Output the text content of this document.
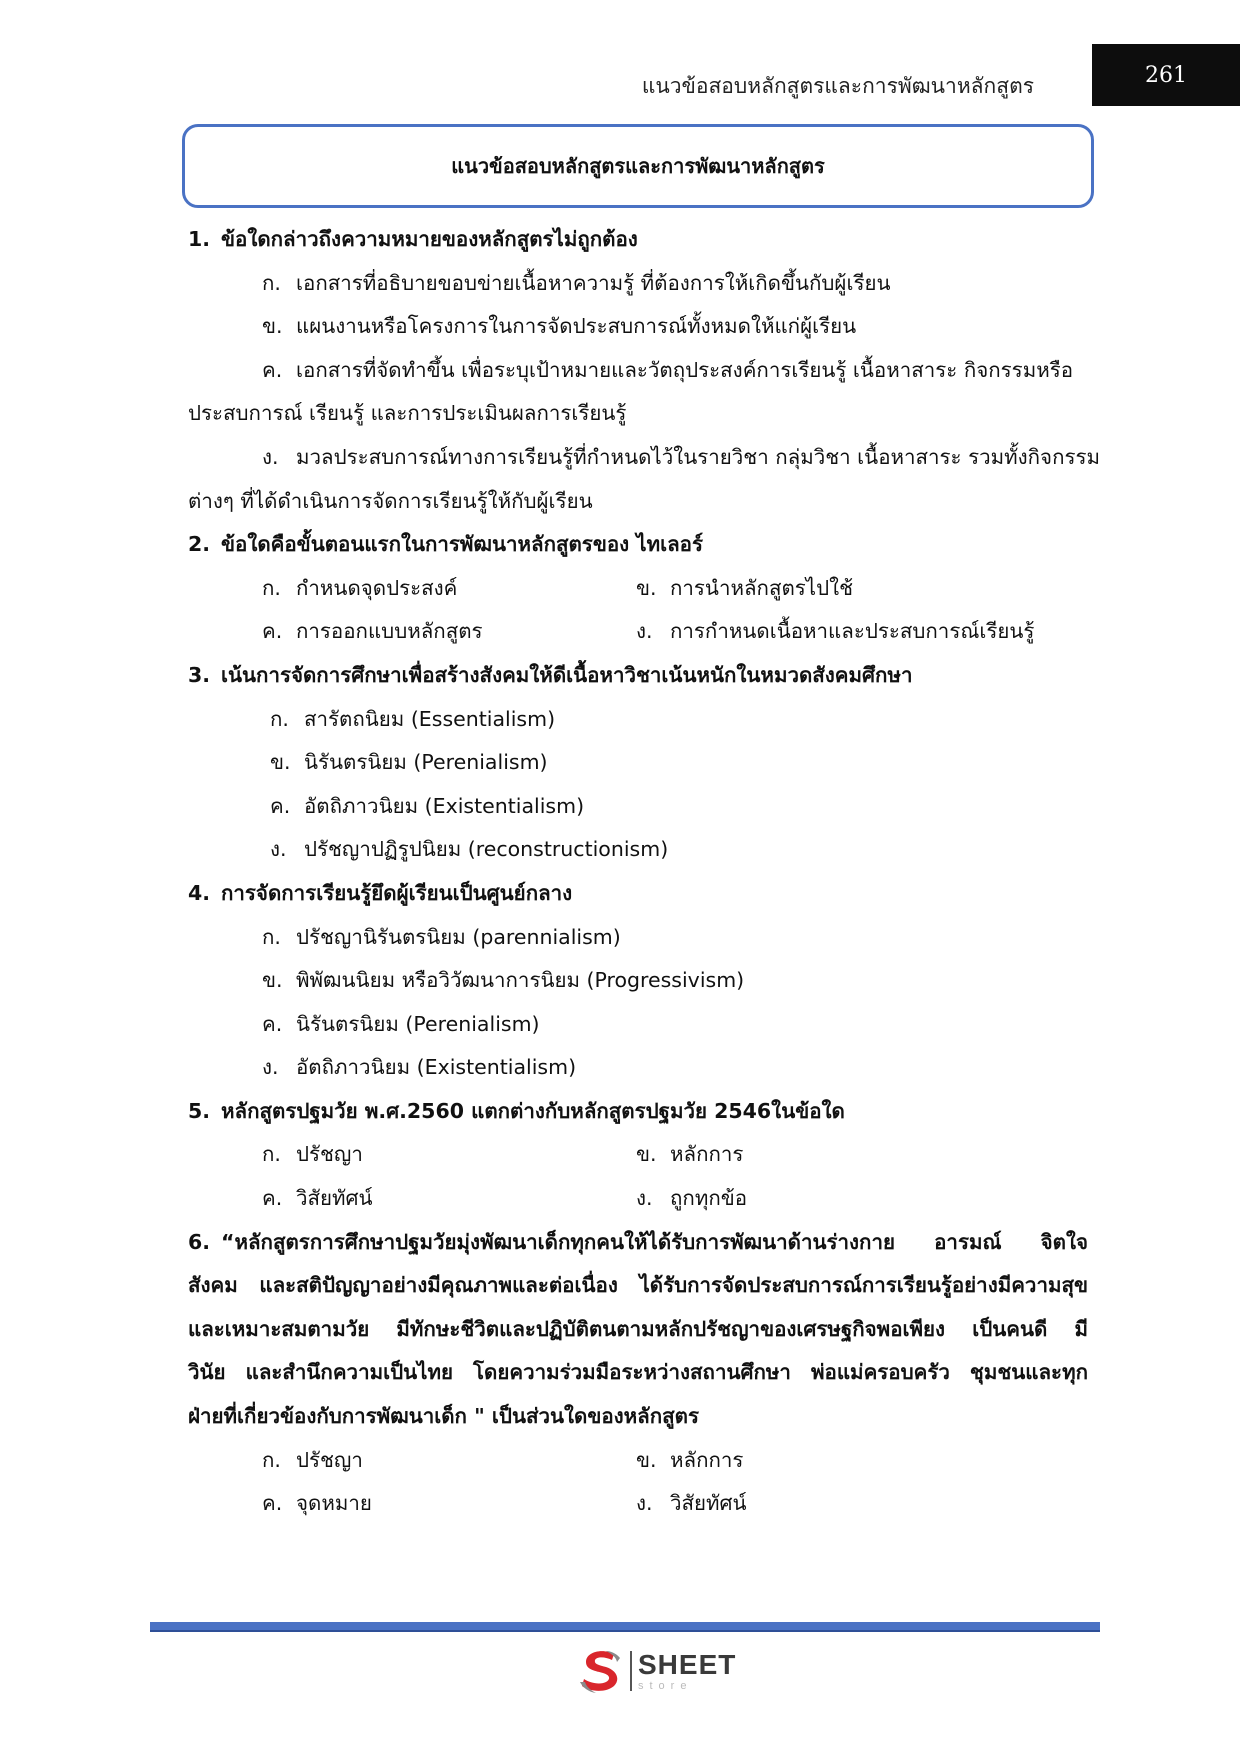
แนวข้อสอบหลักสูตรและการพัฒนาหลักสูตร	261
แนวข้อสอบหลักสูตรและการพัฒนาหลักสูตร
1. ข้อใดกล่าวถึงความหมายของหลักสูตรไม่ถูกต้อง
ก. เอกสารที่อธิบายขอบข่ายเนื้อหาความรู้ ที่ต้องการให้เกิดขึ้นกับผู้เรียน
ข. แผนงานหรือโครงการในการจัดประสบการณ์ทั้งหมดให้แก่ผู้เรียน
ค. เอกสารที่จัดทำขึ้น เพื่อระบุเป้าหมายและวัตถุประสงค์การเรียนรู้ เนื้อหาสาระ กิจกรรมหรือ
ประสบการณ์ เรียนรู้ และการประเมินผลการเรียนรู้
ง. มวลประสบการณ์ทางการเรียนรู้ที่กำหนดไว้ในรายวิชา กลุ่มวิชา เนื้อหาสาระ รวมทั้งกิจกรรม
ต่างๆ ที่ได้ดำเนินการจัดการเรียนรู้ให้กับผู้เรียน
2. ข้อใดคือขั้นตอนแรกในการพัฒนาหลักสูตรของ ไทเลอร์
ก. กำหนดจุดประสงค์	ข. การนำหลักสูตรไปใช้
ค. การออกแบบหลักสูตร	ง. การกำหนดเนื้อหาและประสบการณ์เรียนรู้
3. เน้นการจัดการศึกษาเพื่อสร้างสังคมให้ดีเนื้อหาวิชาเน้นหนักในหมวดสังคมศึกษา
ก. สารัตถนิยม (Essentialism)
ข. นิรันตรนิยม (Perenialism)
ค. อัตถิภาวนิยม (Existentialism)
ง. ปรัชญาปฏิรูปนิยม (reconstructionism)
4. การจัดการเรียนรู้ยึดผู้เรียนเป็นศูนย์กลาง
ก. ปรัชญานิรันตรนิยม (parennialism)
ข. พิพัฒนนิยม หรือวิวัฒนาการนิยม (Progressivism)
ค. นิรันตรนิยม (Perenialism)
ง. อัตถิภาวนิยม (Existentialism)
5. หลักสูตรปฐมวัย พ.ศ.2560 แตกต่างกับหลักสูตรปฐมวัย 2546ในข้อใด
ก. ปรัชญา	ข. หลักการ
ค. วิสัยทัศน์	ง. ถูกทุกข้อ
6. “หลักสูตรการศึกษาปฐมวัยมุ่งพัฒนาเด็กทุกคนให้ได้รับการพัฒนาด้านร่างกาย อารมณ์ จิตใจ
สังคม และสติปัญญาอย่างมีคุณภาพและต่อเนื่อง ได้รับการจัดประสบการณ์การเรียนรู้อย่างมีความสุข
และเหมาะสมตามวัย มีทักษะชีวิตและปฏิบัติตนตามหลักปรัชญาของเศรษฐกิจพอเพียง เป็นคนดี มี
วินัย และสำนึกความเป็นไทย โดยความร่วมมือระหว่างสถานศึกษา พ่อแม่ครอบครัว ชุมชนและทุก
ฝ่ายที่เกี่ยวข้องกับการพัฒนาเด็ก " เป็นส่วนใดของหลักสูตร
ก. ปรัชญา	ข. หลักการ
ค. จุดหมาย	ง. วิสัยทัศน์
SHEET
store
